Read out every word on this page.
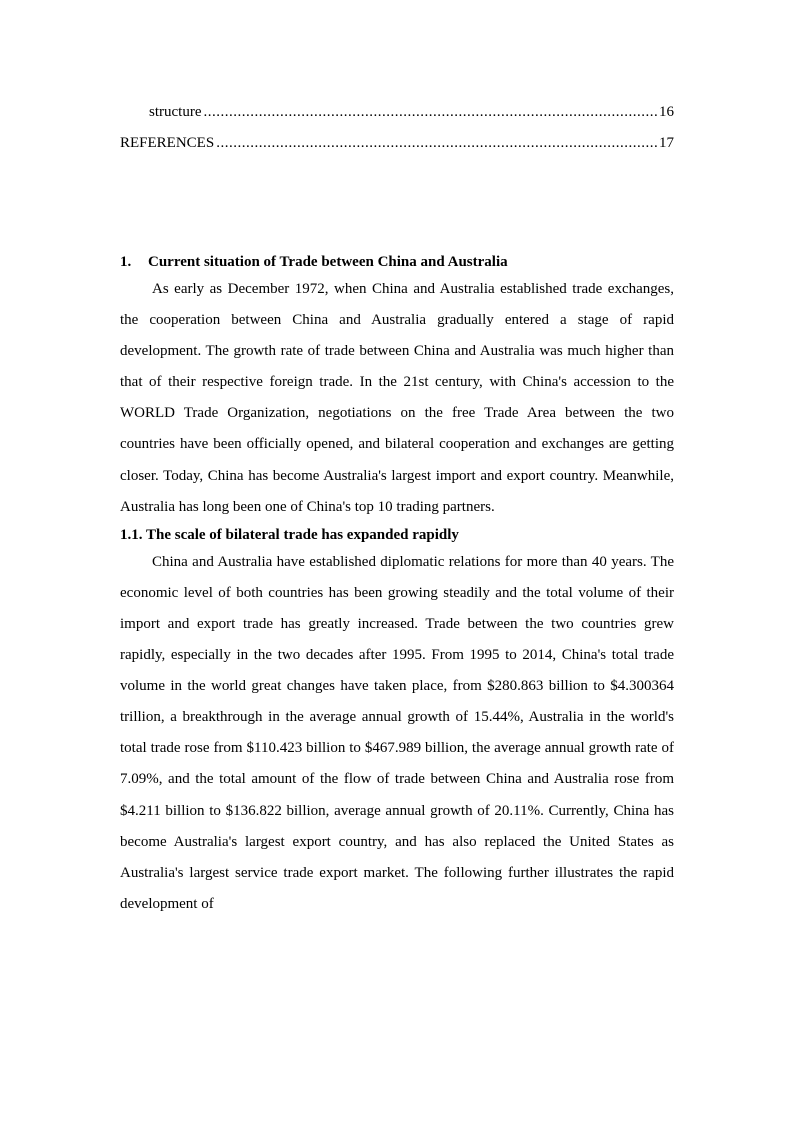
structure .....	16
REFERENCES .....	17
1. Current situation of Trade between China and Australia

As early as December 1972, when China and Australia established trade exchanges, the cooperation between China and Australia gradually entered a stage of rapid development. The growth rate of trade between China and Australia was much higher than that of their respective foreign trade. In the 21st century, with China's accession to the WORLD Trade Organization, negotiations on the free Trade Area between the two countries have been officially opened, and bilateral cooperation and exchanges are getting closer. Today, China has become Australia's largest import and export country. Meanwhile, Australia has long been one of China's top 10 trading partners.

1.1. The scale of bilateral trade has expanded rapidly

China and Australia have established diplomatic relations for more than 40 years. The economic level of both countries has been growing steadily and the total volume of their import and export trade has greatly increased. Trade between the two countries grew rapidly, especially in the two decades after 1995. From 1995 to 2014, China's total trade volume in the world great changes have taken place, from $280.863 billion to $4.300364 trillion, a breakthrough in the average annual growth of 15.44%, Australia in the world's total trade rose from $110.423 billion to $467.989 billion, the average annual growth rate of 7.09%, and the total amount of the flow of trade between China and Australia rose from $4.211 billion to $136.822 billion, average annual growth of 20.11%. Currently, China has become Australia's largest export country, and has also replaced the United States as Australia's largest service trade export market. The following further illustrates the rapid development of
